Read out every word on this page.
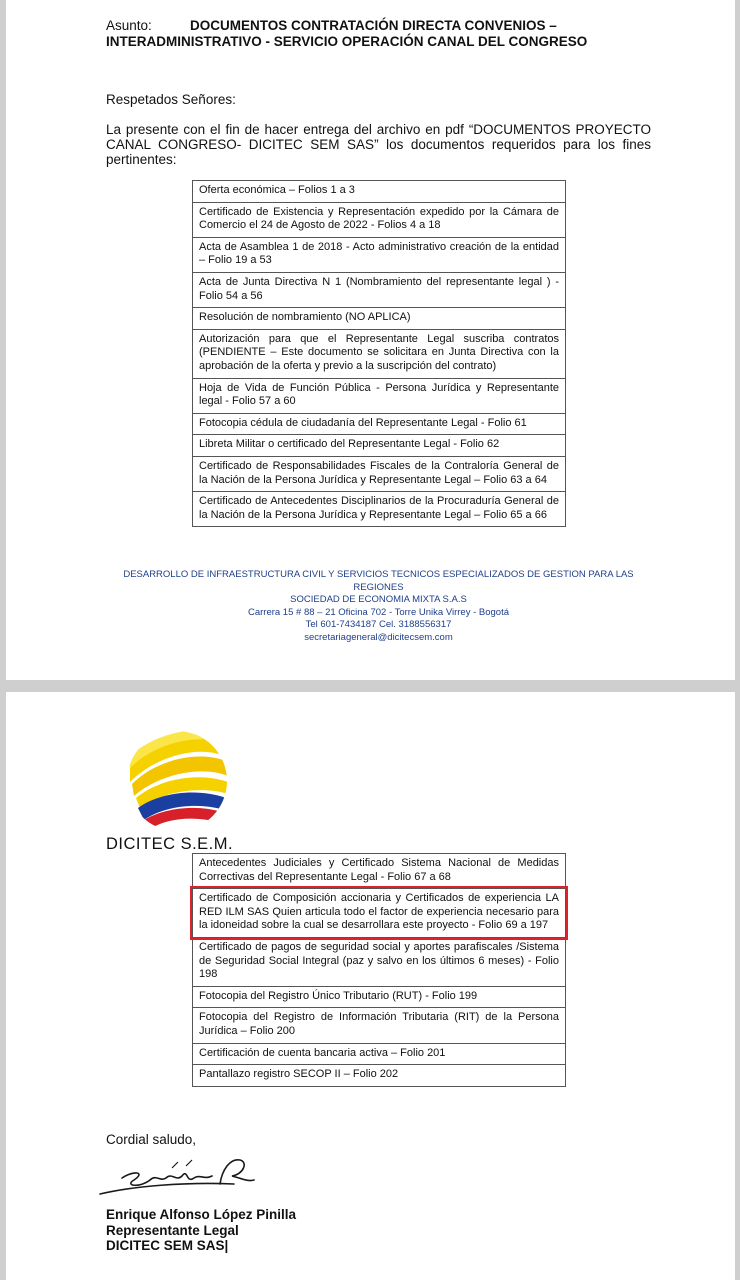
Asunto:	DOCUMENTOS CONTRATACIÓN DIRECTA CONVENIOS –
INTERADMINISTRATIVO - SERVICIO OPERACIÓN CANAL DEL CONGRESO
Respetados Señores:
La presente con el fin de hacer entrega del archivo en pdf “DOCUMENTOS PROYECTO CANAL CONGRESO- DICITEC SEM SAS” los documentos requeridos para los fines pertinentes:
Oferta económica – Folios 1 a 3
Certificado de Existencia y Representación expedido por la Cámara de Comercio el 24 de Agosto de 2022 - Folios 4 a 18
Acta de Asamblea 1 de 2018 - Acto administrativo creación de la entidad – Folio 19 a 53
Acta de Junta Directiva N 1 (Nombramiento del representante legal ) - Folio 54 a 56
Resolución de nombramiento (NO APLICA)
Autorización para que el Representante Legal suscriba contratos (PENDIENTE – Este documento se solicitara en Junta Directiva con la aprobación de la oferta y previo a la suscripción del contrato)
Hoja de Vida de Función Pública - Persona Jurídica y Representante legal - Folio 57 a 60
Fotocopia cédula de ciudadanía del Representante Legal - Folio 61
Libreta Militar o certificado del Representante Legal - Folio 62
Certificado de Responsabilidades Fiscales de la Contraloría General de la Nación de la Persona Jurídica y Representante Legal – Folio 63 a 64
Certificado de Antecedentes Disciplinarios de la Procuraduría General de la Nación de la Persona Jurídica y Representante Legal – Folio 65 a 66
DESARROLLO DE INFRAESTRUCTURA CIVIL Y SERVICIOS TECNICOS ESPECIALIZADOS DE GESTION PARA LAS REGIONES
SOCIEDAD DE ECONOMIA MIXTA S.A.S
Carrera 15 # 88 – 21 Oficina 702 - Torre Unika Virrey - Bogotá
Tel 601-7434187 Cel. 3188556317
secretariageneral@dicitecsem.com
DICITEC S.E.M.
Antecedentes Judiciales y Certificado Sistema Nacional de Medidas Correctivas del Representante Legal - Folio 67 a 68
Certificado de Composición accionaria y Certificados de experiencia LA RED ILM SAS Quien articula todo el factor de experiencia necesario para la idoneidad sobre la cual se desarrollara este proyecto - Folio 69 a 197
Certificado de pagos de seguridad social y aportes parafiscales /Sistema de Seguridad Social Integral (paz y salvo en los últimos 6 meses) - Folio 198
Fotocopia del Registro Único Tributario (RUT) - Folio 199
Fotocopia del Registro de Información Tributaria (RIT) de la Persona Jurídica – Folio 200
Certificación de cuenta bancaria activa – Folio 201
Pantallazo registro SECOP II – Folio 202
Cordial saludo,
Enrique Alfonso López Pinilla
Representante Legal
DICITEC SEM SAS|
